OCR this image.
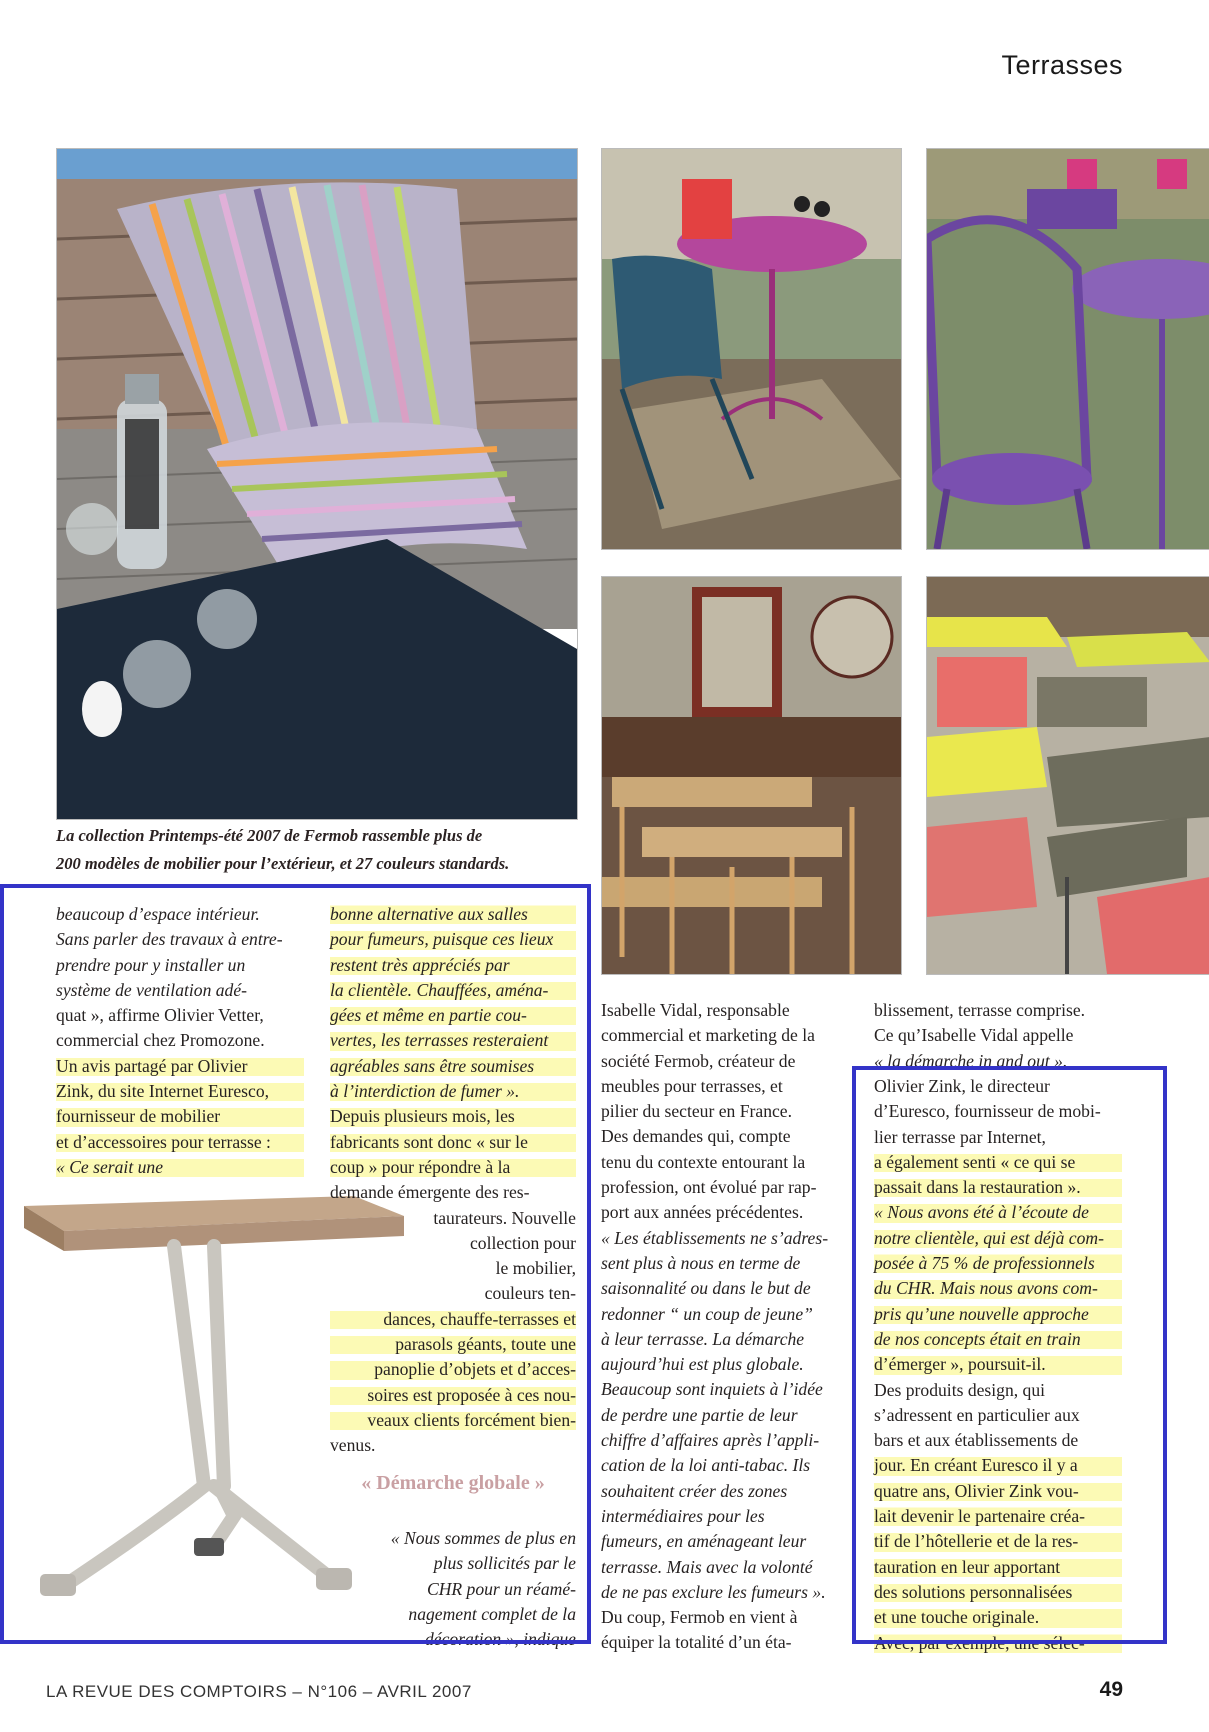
Terrasses
La collection Printemps-été 2007 de Fermob rassemble plus de
200 modèles de mobilier pour l’extérieur, et 27 couleurs standards.

beaucoup d’espace intérieur.

Sans parler des travaux à entre-

prendre pour y installer un

système de ventilation adé-

quat », affirme Olivier Vetter,

commercial chez Promozone.

Un avis partagé par Olivier

Zink, du site Internet Euresco,

fournisseur de mobilier

et d’accessoires pour terrasse :

« Ce serait une

bonne alternative aux salles

pour fumeurs, puisque ces lieux

restent très appréciés par

la clientèle. Chauffées, aména-

gées et même en partie cou-

vertes, les terrasses resteraient

agréables sans être soumises

à l’interdiction de fumer ».

Depuis plusieurs mois, les

fabricants sont donc « sur le

coup » pour répondre à la

demande émergente des res-

taurateurs. Nouvelle

collection pour

le mobilier,

couleurs ten-

dances, chauffe-terrasses et

parasols géants, toute une

panoplie d’objets et d’acces-

soires est proposée à ces nou-

veaux clients forcément bien-

venus.

« Démarche globale »

« Nous sommes de plus en

plus sollicités par le

CHR pour un réamé-

nagement complet de la

décoration », indique

Isabelle Vidal, responsable

commercial et marketing de la

société Fermob, créateur de

meubles pour terrasses, et

pilier du secteur en France.

Des demandes qui, compte

tenu du contexte entourant la

profession, ont évolué par rap-

port aux années précédentes.

« Les établissements ne s’adres-

sent plus à nous en terme de

saisonnalité ou dans le but de

redonner “ un coup de jeune”

à leur terrasse. La démarche

aujourd’hui est plus globale.

Beaucoup sont inquiets à l’idée

de perdre une partie de leur

chiffre d’affaires après l’appli-

cation de la loi anti-tabac. Ils

souhaitent créer des zones

intermédiaires pour les

fumeurs, en aménageant leur

terrasse. Mais avec la volonté

de ne pas exclure les fumeurs ».

Du coup, Fermob en vient à

équiper la totalité d’un éta-

blissement, terrasse comprise.

Ce qu’Isabelle Vidal appelle

« la démarche in and out ».

Olivier Zink, le directeur

d’Euresco, fournisseur de mobi-

lier terrasse par Internet,

a également senti « ce qui se

passait dans la restauration ».

« Nous avons été à l’écoute de

notre clientèle, qui est déjà com-

posée à 75 % de professionnels

du CHR. Mais nous avons com-

pris qu’une nouvelle approche

de nos concepts était en train

d’émerger », poursuit-il.

Des produits design, qui

s’adressent en particulier aux

bars et aux établissements de

jour. En créant Euresco il y a

quatre ans, Olivier Zink vou-

lait devenir le partenaire créa-

tif de l’hôtellerie et de la res-

tauration en leur apportant

des solutions personnalisées

et une touche originale.

Avec, par exemple, une sélec-

LA REVUE DES COMPTOIRS – N°106 – AVRIL 2007	49
